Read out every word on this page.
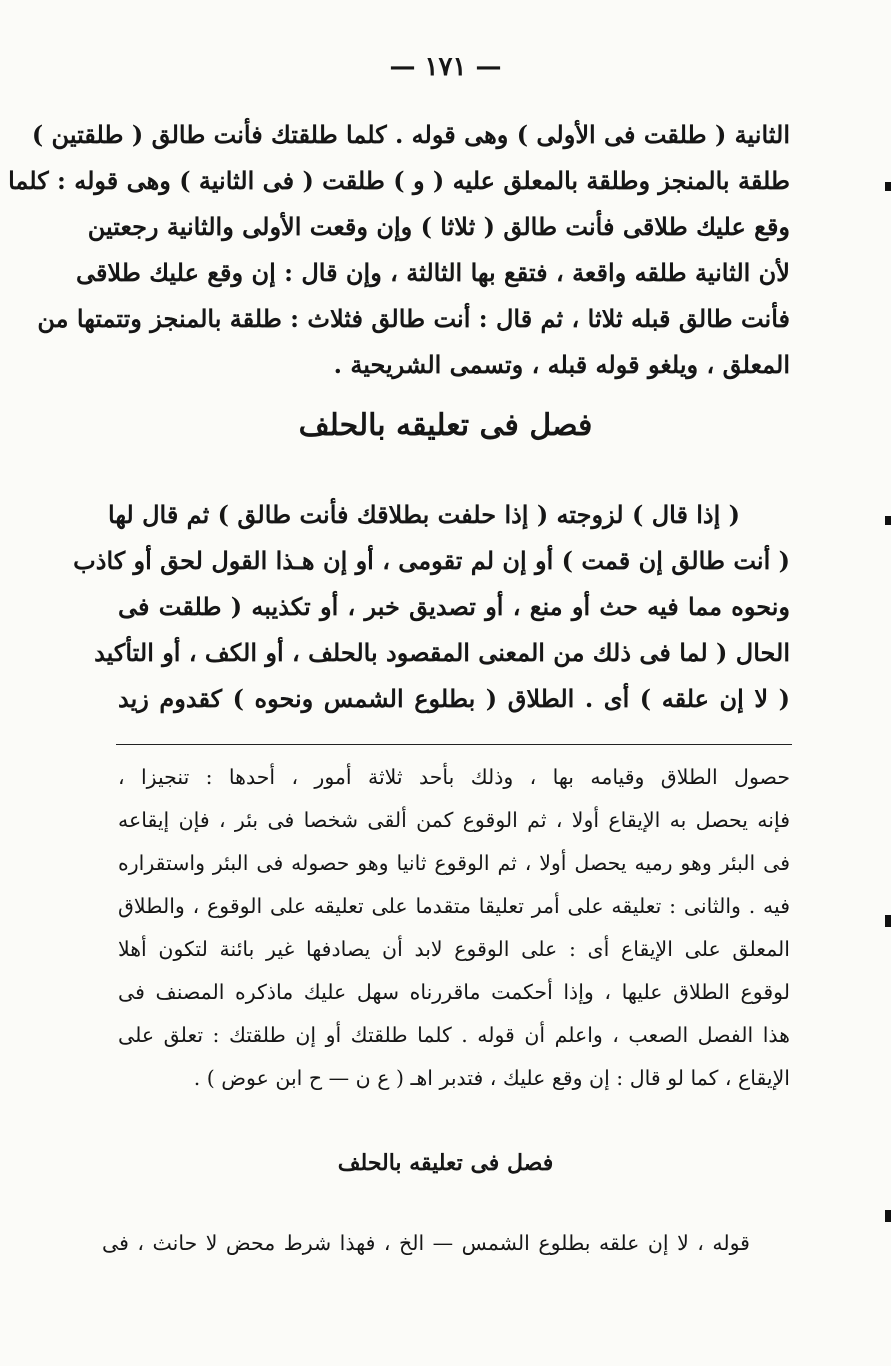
— ١٧١ —
الثانية ( طلقت فى الأولى ) وهى قوله . كلما طلقتك فأنت طالق ( طلقتين )
طلقة بالمنجز وطلقة بالمعلق عليه ( و ) طلقت ( فى الثانية ) وهى قوله : كلما
وقع عليك طلاقى فأنت طالق ( ثلاثا ) وإن وقعت الأولى والثانية رجعتين
لأن الثانية طلقه واقعة ، فتقع بها الثالثة ، وإن قال : إن وقع عليك طلاقى
فأنت طالق قبله ثلاثا ، ثم قال : أنت طالق فثلاث : طلقة بالمنجز وتتمتها من
المعلق ، ويلغو قوله قبله ، وتسمى الشريحية .
فصل فى تعليقه بالحلف
( إذا قال ) لزوجته ( إذا حلفت بطلاقك فأنت طالق ) ثم قال لها
( أنت طالق إن قمت ) أو إن لم تقومى ، أو إن هـذا القول لحق أو كاذب
ونحوه مما فيه حث أو منع ، أو تصديق خبر ، أو تكذيبه ( طلقت فى
الحال ( لما فى ذلك من المعنى المقصود بالحلف ، أو الكف ، أو التأكيد
( لا إن علقه ) أى . الطلاق ( بطلوع الشمس ونحوه ) كقدوم زيد
حصول الطلاق وقيامه بها ، وذلك بأحد ثلاثة أمور ، أحدها : تنجيزا ،
فإنه يحصل به الإيقاع أولا ، ثم الوقوع كمن ألقى شخصا فى بئر ، فإن إيقاعه
فى البئر وهو رميه يحصل أولا ، ثم الوقوع ثانيا وهو حصوله فى البئر واستقراره
فيه . والثانى : تعليقه على أمر تعليقا متقدما على تعليقه على الوقوع ، والطلاق
المعلق على الإيقاع أى : على الوقوع لابد أن يصادفها غير بائنة لتكون أهلا
لوقوع الطلاق عليها ، وإذا أحكمت ماقررناه سهل عليك ماذكره المصنف فى
هذا الفصل الصعب ، واعلم أن قوله . كلما طلقتك أو إن طلقتك : تعلق على
الإيقاع ، كما لو قال : إن وقع عليك ، فتدبر اهـ ( ع ن — ح ابن عوض ) .
فصل فى تعليقه بالحلف
قوله ، لا إن علقه بطلوع الشمس — الخ ، فهذا شرط محض لا حانث ، فى
